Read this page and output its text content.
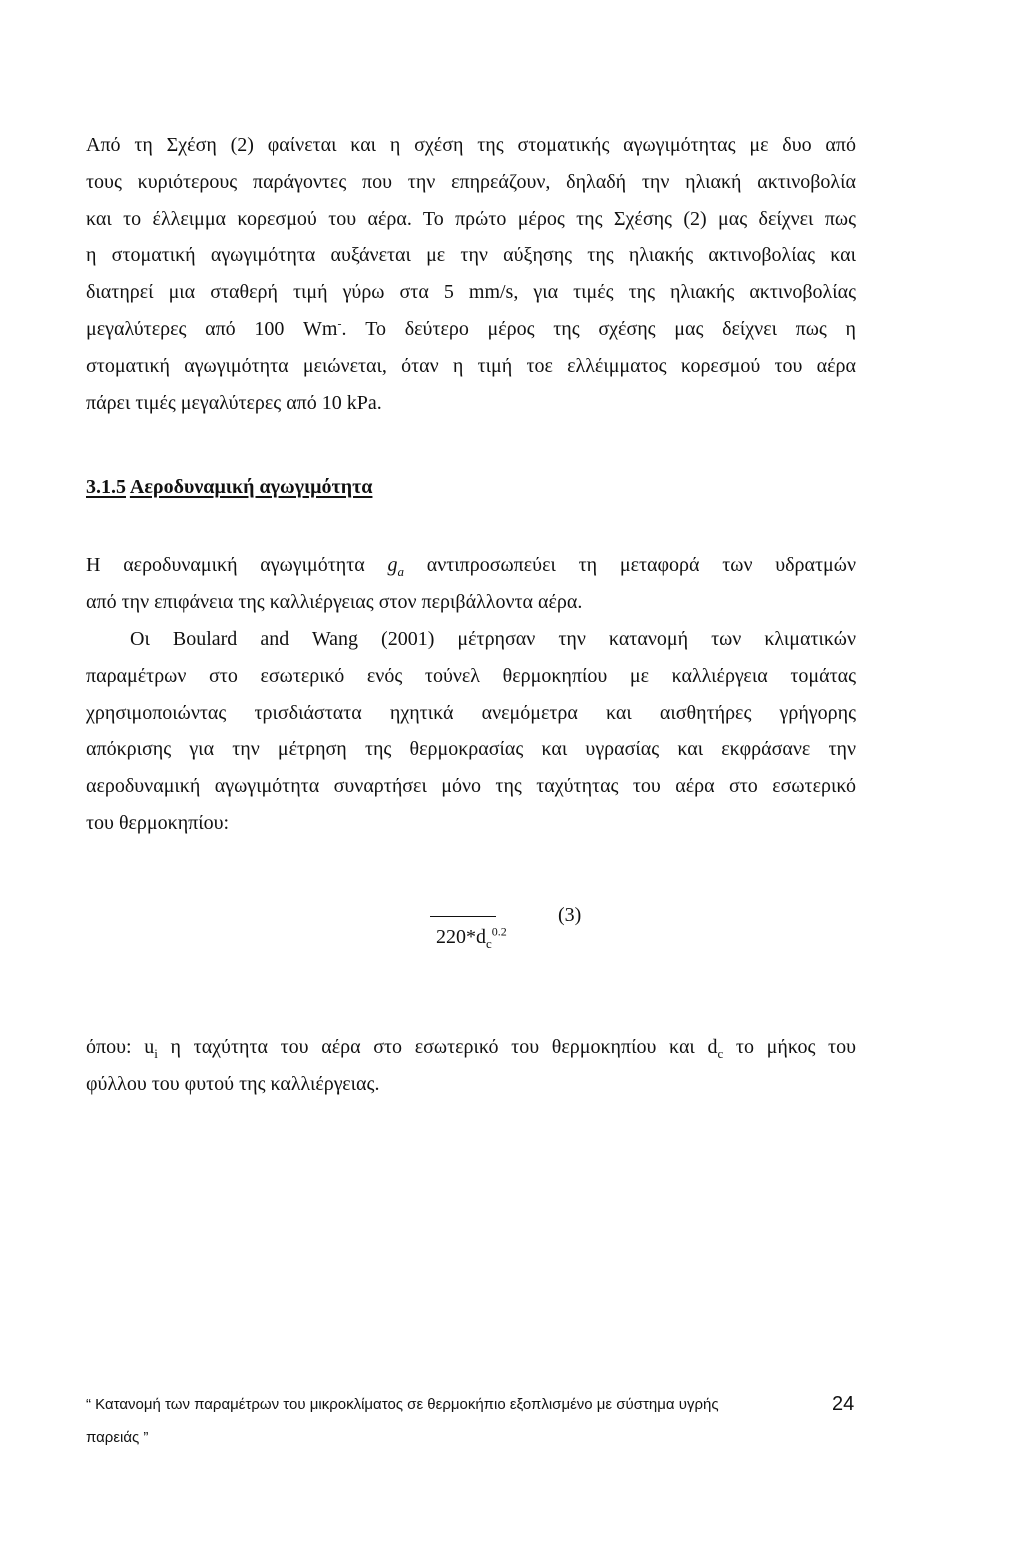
Από τη Σχέση (2) φαίνεται και η σχέση της στοματικής αγωγιμότητας με δυο από
τους κυριότερους παράγοντες που την επηρεάζουν, δηλαδή την ηλιακή ακτινοβολία
και το έλλειμμα κορεσμού του αέρα. Το πρώτο μέρος της Σχέσης (2) μας δείχνει πως
η στοματική αγωγιμότητα αυξάνεται με την αύξησης της ηλιακής ακτινοβολίας και
διατηρεί μια σταθερή τιμή γύρω στα 5 mm/s, για τιμές της ηλιακής ακτινοβολίας
μεγαλύτερες από 100 Wm-. Το δεύτερο μέρος της σχέσης μας δείχνει πως η
στοματική αγωγιμότητα μειώνεται, όταν η τιμή τοε ελλέιμματος κορεσμού του αέρα
πάρει τιμές μεγαλύτερες από 10 kPa.
3.1.5 Αεροδυναμική αγωγιμότητα
Η αεροδυναμική αγωγιμότητα $g_a$ αντιπροσωπεύει τη μεταφορά των υδρατμών
από την επιφάνεια της καλλιέργειας στον περιβάλλοντα αέρα.
Οι Boulard and Wang (2001) μέτρησαν την κατανομή των κλιματικών
παραμέτρων στο εσωτερικό ενός τούνελ θερμοκηπίου με καλλιέργεια τομάτας
χρησιμοποιώντας τρισδιάστατα ηχητικά ανεμόμετρα και αισθητήρες γρήγορης
απόκρισης για την μέτρηση της θερμοκρασίας και υγρασίας και εκφράσανε την
αεροδυναμική αγωγιμότητα συναρτήσει μόνο της ταχύτητας του αέρα στο εσωτερικό
του θερμοκηπίου:
$220*d_c^{0.2}$
(3)
όπου: $u_i$ η ταχύτητα του αέρα στο εσωτερικό του θερμοκηπίου και $d_c$ το μήκος του
φύλλου του φυτού της καλλιέργειας.
“ Κατανομή των παραμέτρων του μικροκλίματος σε θερμοκήπιο εξοπλισμένο με σύστημα υγρής
παρειάς ”
24
